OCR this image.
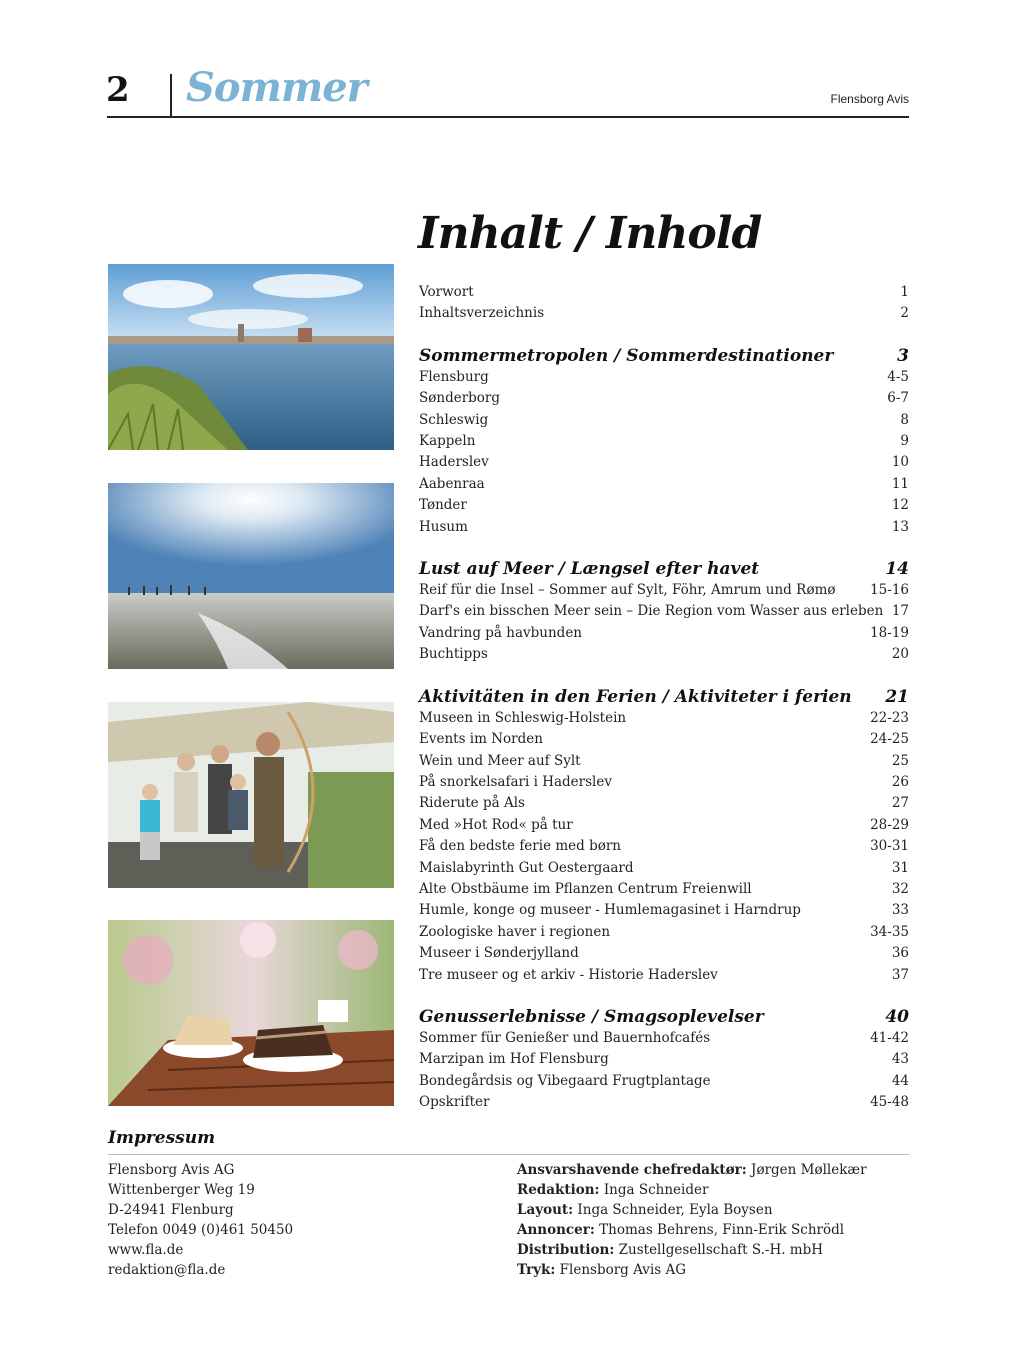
2 Sommer	Flensborg Avis
Inhalt / Inhold
Vorwort	1
Inhaltsverzeichnis	2
Sommermetropolen / Sommerdestinationer	3
Flensburg	4-5
Sønderborg	6-7
Schleswig	8
Kappeln	9
Haderslev	10
Aabenraa	11
Tønder	12
Husum	13
Lust auf Meer / Længsel efter havet	14
Reif für die Insel – Sommer auf Sylt, Föhr, Amrum und Rømø	15-16
Darf's ein bisschen Meer sein – Die Region vom Wasser aus erleben 17
Vandring på havbunden	18-19
Buchtipps	20
Aktivitäten in den Ferien / Aktiviteter i ferien 21
Museen in Schleswig-Holstein	22-23
Events im Norden	24-25
Wein und Meer auf Sylt	25
På snorkelsafari i Haderslev	26
Riderute på Als	27
Med »Hot Rod« på tur	28-29
Få den bedste ferie med børn	30-31
Maislabyrinth Gut Oestergaard	31
Alte Obstbäume im Pflanzen Centrum Freienwill	32
Humle, konge og museer - Humlemagasinet i Harndrup	33
Zoologiske haver i regionen	34-35
Museer i Sønderjylland	36
Tre museer og et arkiv - Historie Haderslev	37
Genusserlebnisse / Smagsoplevelser	40
Sommer für Genießer und Bauernhofcafés	41-42
Marzipan im Hof Flensburg	43
Bondegårdsis og Vibegaard Frugtplantage	44
Opskrifter	45-48
Impressum
Flensborg Avis AG
Wittenberger Weg 19
D-24941 Flenburg
Telefon 0049 (0)461 50450
www.fla.de
redaktion@fla.de
Ansvarshavende chefredaktør: Jørgen Møllekær
Redaktion: Inga Schneider
Layout: Inga Schneider, Eyla Boysen
Annoncer: Thomas Behrens, Finn-Erik Schrödl
Distribution: Zustellgesellschaft S.-H. mbH
Tryk: Flensborg Avis AG
